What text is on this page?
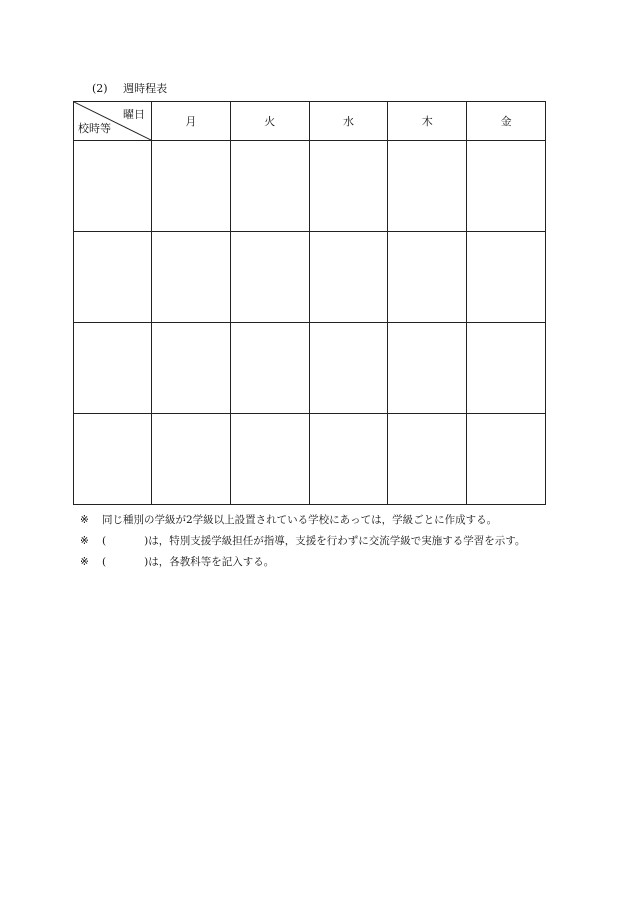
(2) 週時程表
曜日
校時等	月	火	水	木	金

※ 同じ種別の学級が2学級以上設置されている学校にあっては，学級ごとに作成する。
※ (	)は，特別支援学級担任が指導，支援を行わずに交流学級で実施する学習を示す。
※ (	)は，各教科等を記入する。
